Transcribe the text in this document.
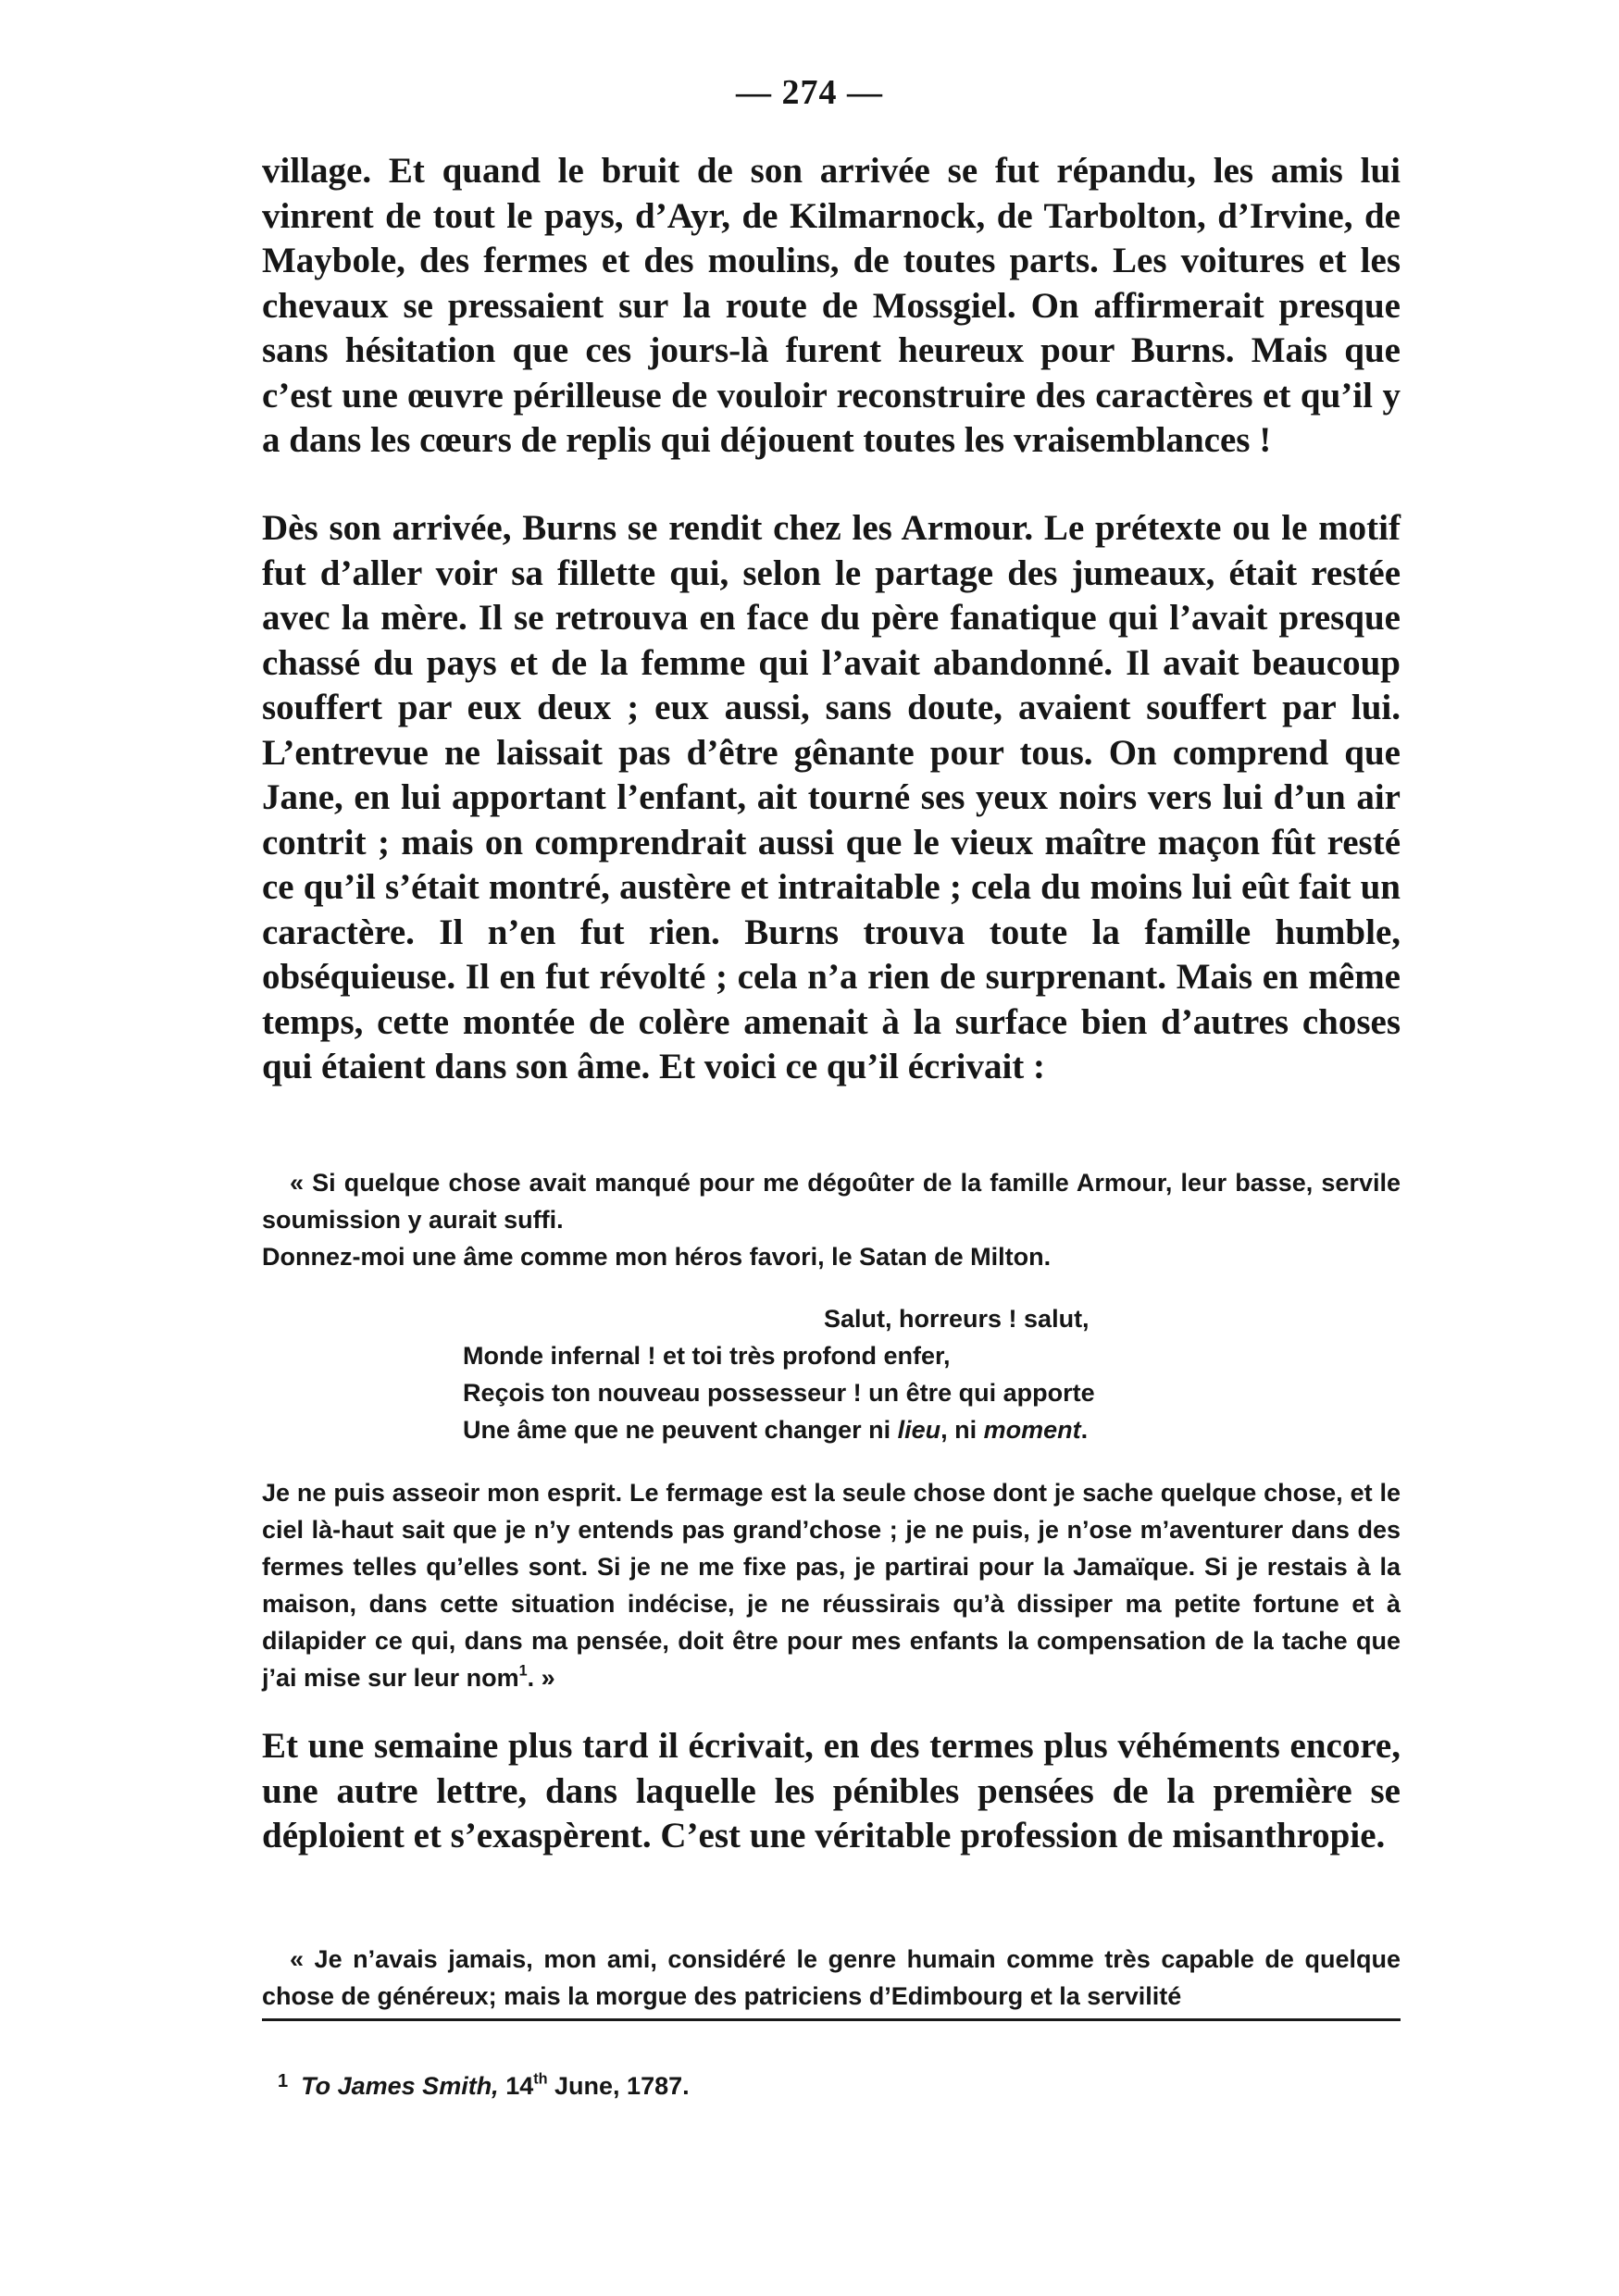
— 274 —

village. Et quand le bruit de son arrivée se fut répandu, les amis lui vinrent de tout le pays, d’Ayr, de Kilmarnock, de Tarbolton, d’Irvine, de Maybole, des fermes et des moulins, de toutes parts. Les voitures et les chevaux se pressaient sur la route de Mossgiel. On affirmerait presque sans hésitation que ces jours-là furent heureux pour Burns. Mais que c’est une œuvre périlleuse de vouloir reconstruire des caractères et qu’il y a dans les cœurs de replis qui déjouent toutes les vraisemblances !

Dès son arrivée, Burns se rendit chez les Armour. Le prétexte ou le motif fut d’aller voir sa fillette qui, selon le partage des jumeaux, était restée avec la mère. Il se retrouva en face du père fanatique qui l’avait presque chassé du pays et de la femme qui l’avait abandonné. Il avait beaucoup souffert par eux deux ; eux aussi, sans doute, avaient souffert par lui. L’entrevue ne laissait pas d’être gênante pour tous. On comprend que Jane, en lui apportant l’enfant, ait tourné ses yeux noirs vers lui d’un air contrit ; mais on comprendrait aussi que le vieux maître maçon fût resté ce qu’il s’était montré, austère et intraitable ; cela du moins lui eût fait un caractère. Il n’en fut rien. Burns trouva toute la famille humble, obséquieuse. Il en fut révolté ; cela n’a rien de surprenant. Mais en même temps, cette montée de colère amenait à la surface bien d’autres choses qui étaient dans son âme. Et voici ce qu’il écrivait :

« Si quelque chose avait manqué pour me dégoûter de la famille Armour, leur basse, servile soumission y aurait suffi.

Donnez-moi une âme comme mon héros favori, le Satan de Milton.

Salut, horreurs ! salut,
Monde infernal ! et toi très profond enfer,
Reçois ton nouveau possesseur ! un être qui apporte
Une âme que ne peuvent changer ni lieu, ni moment.

Je ne puis asseoir mon esprit. Le fermage est la seule chose dont je sache quelque chose, et le ciel là-haut sait que je n’y entends pas grand’chose ; je ne puis, je n’ose m’aventurer dans des fermes telles qu’elles sont. Si je ne me fixe pas, je partirai pour la Jamaïque. Si je restais à la maison, dans cette situation indécise, je ne réussirais qu’à dissiper ma petite fortune et à dilapider ce qui, dans ma pensée, doit être pour mes enfants la compensation de la tache que j’ai mise sur leur nom$^1$. »

Et une semaine plus tard il écrivait, en des termes plus véhéments encore, une autre lettre, dans laquelle les pénibles pensées de la première se déploient et s’exaspèrent. C’est une véritable profession de misanthropie.

« Je n’avais jamais, mon ami, considéré le genre humain comme très capable de quelque chose de généreux; mais la morgue des patriciens d’Edimbourg et la servilité

$^1$ To James Smith, 14th June, 1787.
